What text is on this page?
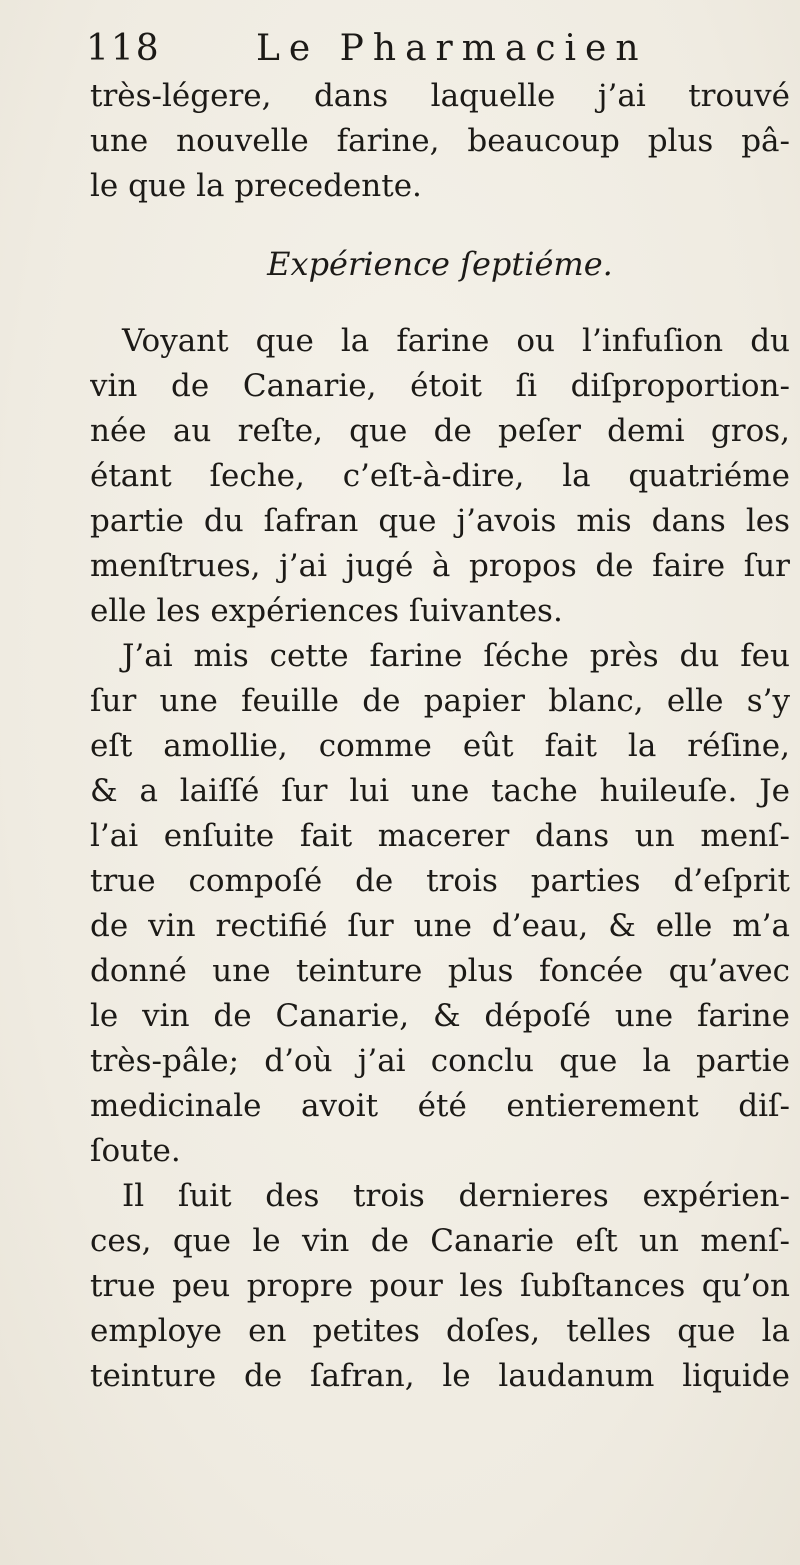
118	Le Pharmacien
très-légere, dans laquelle j’ai trouvé
une nouvelle farine, beaucoup plus pâ-
le que la precedente.
Expérience ſeptiéme.
Voyant que la farine ou l’infuſion du
vin de Canarie, étoit ſi diſproportion-
née au reſte, que de peſer demi gros,
étant ſeche, c’eſt-à-dire, la quatriéme
partie du ſafran que j’avois mis dans les
menſtrues, j’ai jugé à propos de faire ſur
elle les expériences ſuivantes.
J’ai mis cette farine ſéche près du feu
ſur une feuille de papier blanc, elle s’y
eſt amollie, comme eût fait la réſine,
& a laiſſé ſur lui une tache huileuſe. Je
l’ai enſuite fait macerer dans un menſ-
true compoſé de trois parties d’eſprit
de vin rectifié ſur une d’eau, & elle m’a
donné une teinture plus foncée qu’avec
le vin de Canarie, & dépoſé une farine
très-pâle; d’où j’ai conclu que la partie
medicinale avoit été entierement diſ-
ſoute.
Il ſuit des trois dernieres expérien-
ces, que le vin de Canarie eſt un menſ-
true peu propre pour les ſubſtances qu’on
employe en petites doſes, telles que la
teinture de ſafran, le laudanum liquide
